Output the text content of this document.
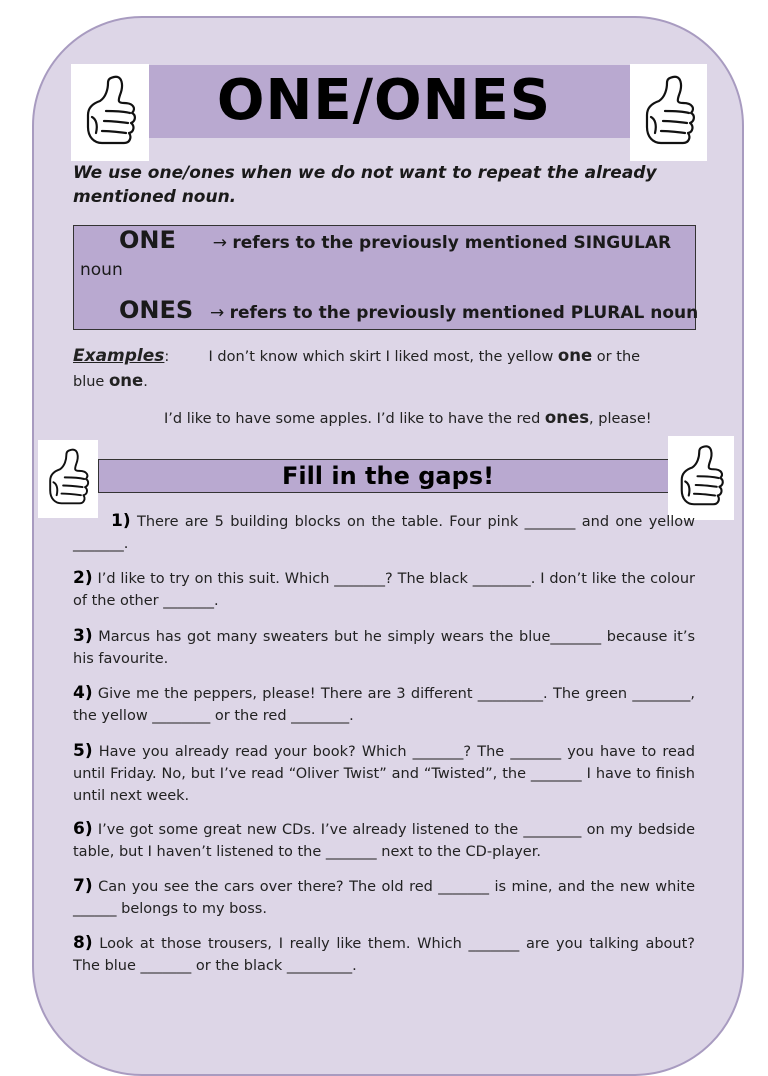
ONE/ONES
We use one/ones when we do not want to repeat the already mentioned noun.
ONE → refers to the previously mentioned SINGULAR
noun
ONES → refers to the previously mentioned PLURAL noun
Examples:	I don’t know which skirt I liked most, the yellow one or the
blue one.
I’d like to have some apples. I’d like to have the red ones, please!
Fill in the gaps!
1) There are 5 building blocks on the table. Four pink _______ and one yellow _______.
2) I’d like to try on this suit. Which _______? The black ________. I don’t like the colour of the other _______.
3) Marcus has got many sweaters but he simply wears the blue_______ because it’s his favourite.
4) Give me the peppers, please! There are 3 different _________. The green ________, the yellow ________ or the red ________.
5) Have you already read your book? Which _______? The _______ you have to read until Friday. No, but I’ve read “Oliver Twist” and “Twisted”, the _______ I have to finish until next week.
6) I’ve got some great new CDs. I’ve already listened to the ________ on my bedside table, but I haven’t listened to the _______ next to the CD-player.
7) Can you see the cars over there? The old red _______ is mine, and the new white ______ belongs to my boss.
8) Look at those trousers, I really like them. Which _______ are you talking about? The blue _______ or the black _________.
